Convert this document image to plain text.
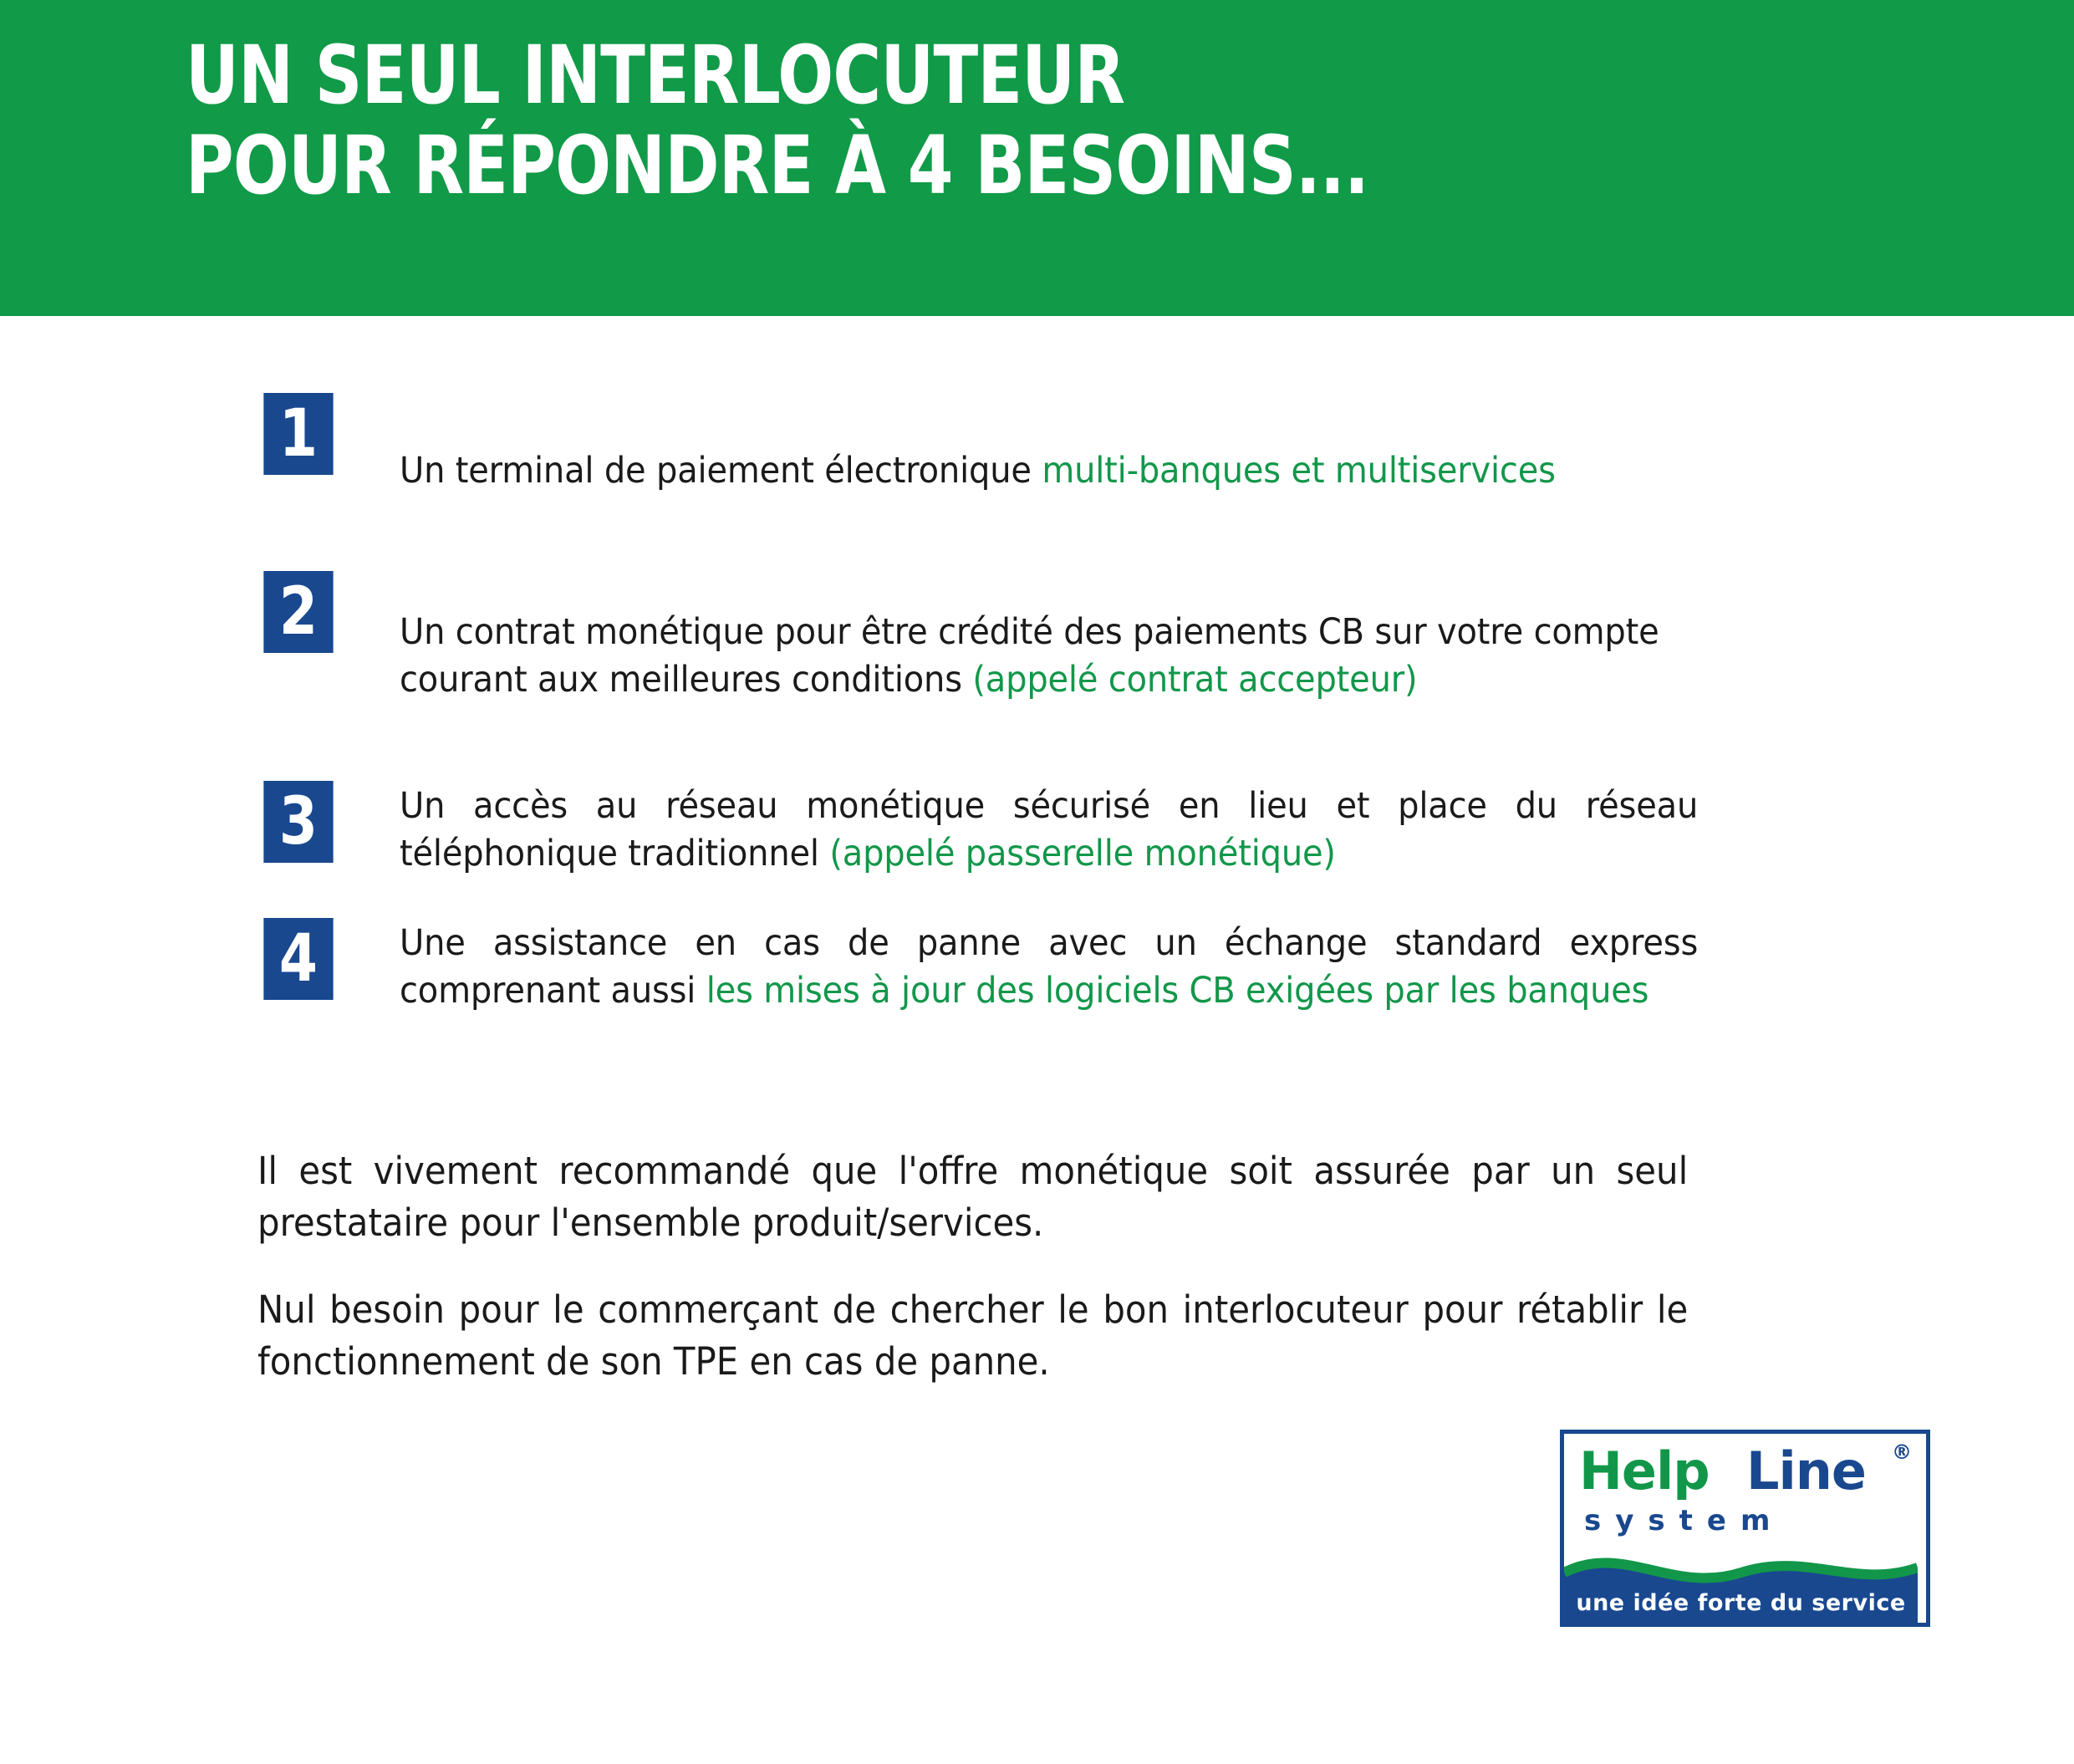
UN SEUL INTERLOCUTEUR
POUR RÉPONDRE À 4 BESOINS...
1	Un terminal de paiement électronique multi-banques et multiservices

2	Un contrat monétique pour être crédité des paiements CB sur votre compte courant aux meilleures conditions (appelé contrat accepteur)

3	Un accès au réseau monétique sécurisé en lieu et place du réseau téléphonique traditionnel (appelé passerelle monétique)

4	Une assistance en cas de panne avec un échange standard express comprenant aussi les mises à jour des logiciels CB exigées par les banques

Il est vivement recommandé que l'offre monétique soit assurée par un seul prestataire pour l'ensemble produit/services.

Nul besoin pour le commerçant de chercher le bon interlocuteur pour rétablir le fonctionnement de son TPE en cas de panne.

Help Line ®
system
une idée forte du service
